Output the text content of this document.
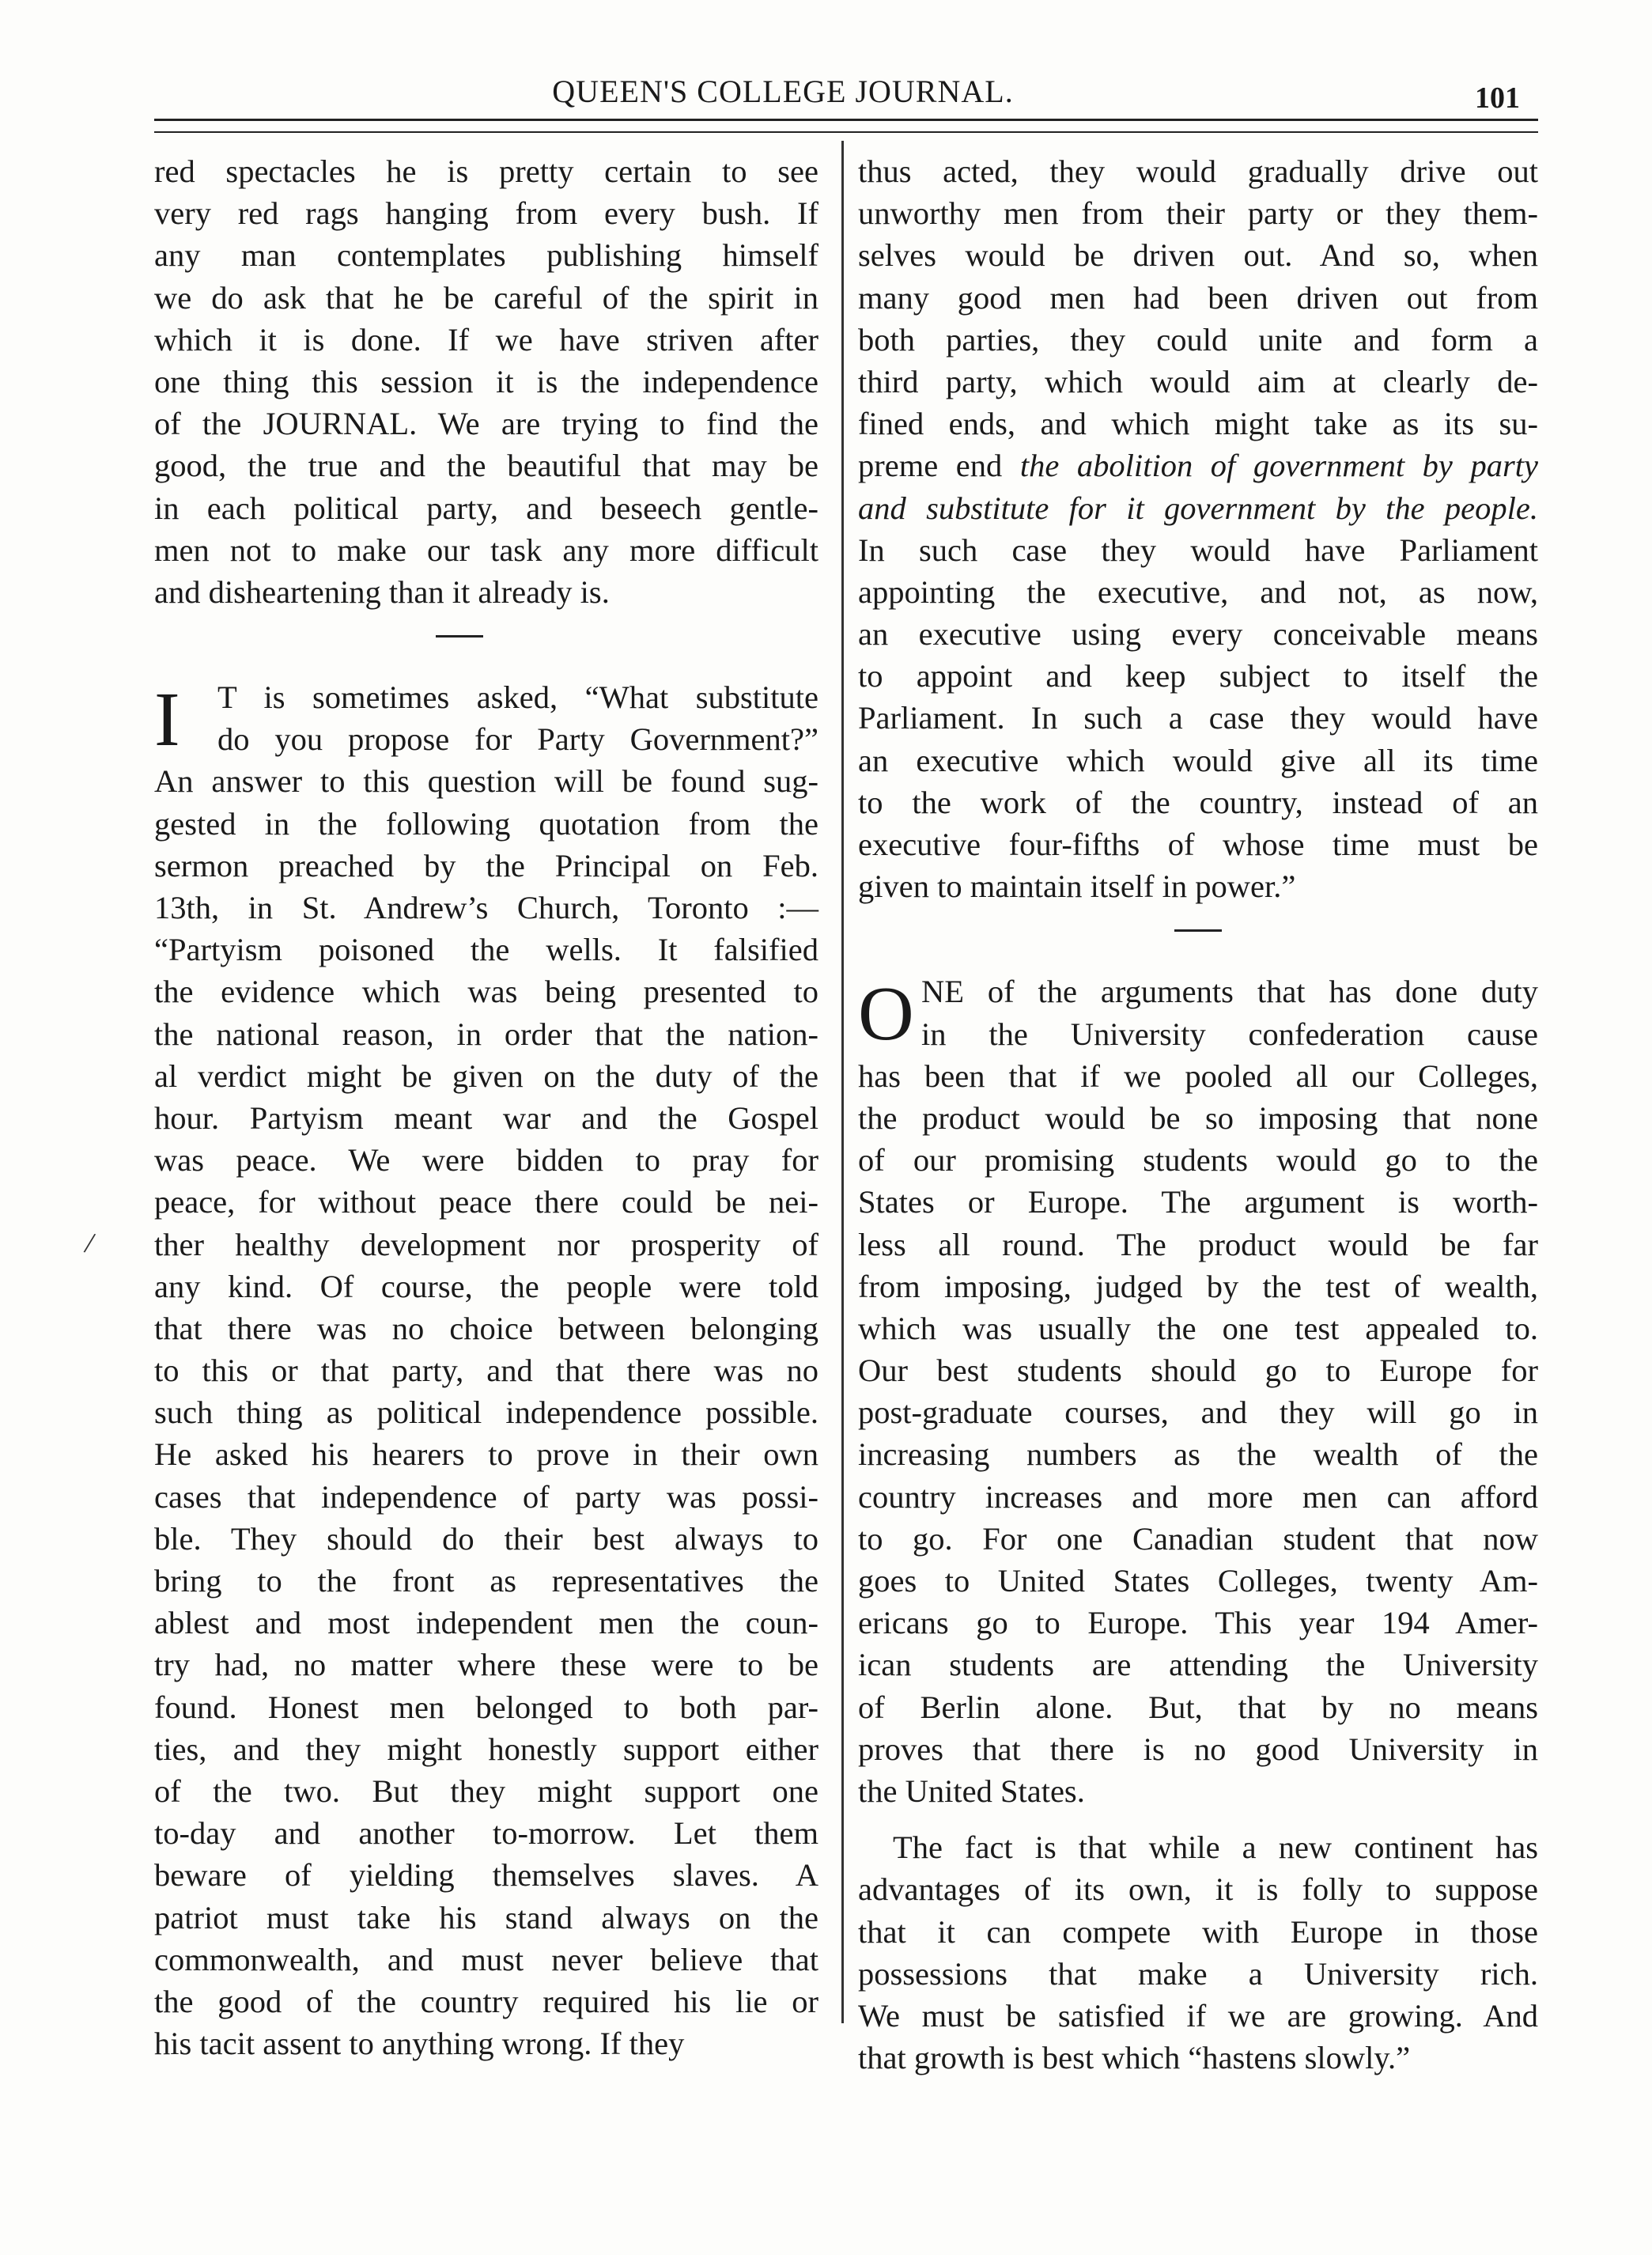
QUEEN'S COLLEGE JOURNAL.	101
/
red spectacles he is pretty certain to see
very red rags hanging from every bush. If
any man contemplates publishing himself
we do ask that he be careful of the spirit in
which it is done. If we have striven after
one thing this session it is the independence
of the JOURNAL. We are trying to find the
good, the true and the beautiful that may be
in each political party, and beseech gentle-
men not to make our task any more difficult
and disheartening than it already is.
I	T is sometimes asked, “What substitute
do you propose for Party Government?”
An answer to this question will be found sug-
gested in the following quotation from the
sermon preached by the Principal on Feb.
13th, in St. Andrew’s Church, Toronto :—
“Partyism poisoned the wells. It falsified
the evidence which was being presented to
the national reason, in order that the nation-
al verdict might be given on the duty of the
hour. Partyism meant war and the Gospel
was peace. We were bidden to pray for
peace, for without peace there could be nei-
ther healthy development nor prosperity of
any kind. Of course, the people were told
that there was no choice between belonging
to this or that party, and that there was no
such thing as political independence possible.
He asked his hearers to prove in their own
cases that independence of party was possi-
ble. They should do their best always to
bring to the front as representatives the
ablest and most independent men the coun-
try had, no matter where these were to be
found. Honest men belonged to both par-
ties, and they might honestly support either
of the two. But they might support one
to-day and another to-morrow. Let them
beware of yielding themselves slaves. A
patriot must take his stand always on the
commonwealth, and must never believe that
the good of the country required his lie or
his tacit assent to anything wrong. If they
thus acted, they would gradually drive out
unworthy men from their party or they them-
selves would be driven out. And so, when
many good men had been driven out from
both parties, they could unite and form a
third party, which would aim at clearly de-
fined ends, and which might take as its su-
preme end the abolition of government by party
and substitute for it government by the people.
In such case they would have Parliament
appointing the executive, and not, as now,
an executive using every conceivable means
to appoint and keep subject to itself the
Parliament. In such a case they would have
an executive which would give all its time
to the work of the country, instead of an
executive four-fifths of whose time must be
given to maintain itself in power.”
O NE of the arguments that has done duty
in the University confederation cause
has been that if we pooled all our Colleges,
the product would be so imposing that none
of our promising students would go to the
States or Europe. The argument is worth-
less all round. The product would be far
from imposing, judged by the test of wealth,
which was usually the one test appealed to.
Our best students should go to Europe for
post-graduate courses, and they will go in
increasing numbers as the wealth of the
country increases and more men can afford
to go. For one Canadian student that now
goes to United States Colleges, twenty Am-
ericans go to Europe. This year 194 Amer-
ican students are attending the University
of Berlin alone. But, that by no means
proves that there is no good University in
the United States.
The fact is that while a new continent has
advantages of its own, it is folly to suppose
that it can compete with Europe in those
possessions that make a University rich.
We must be satisfied if we are growing. And
that growth is best which “hastens slowly.”
